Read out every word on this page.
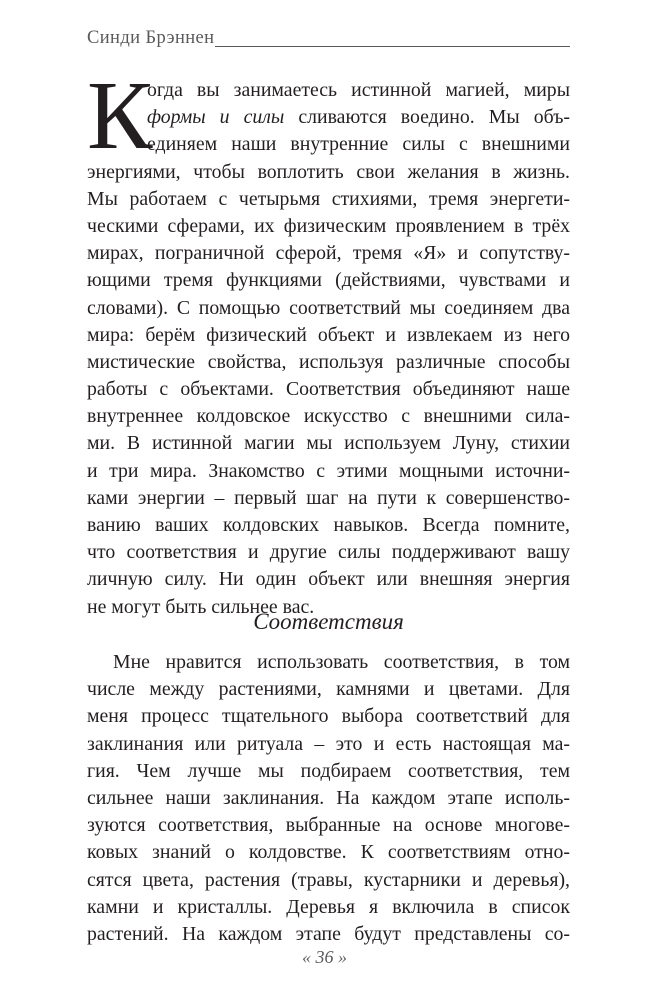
Синди Брэннен
К
огда вы занимаетесь истинной магией, миры
формы и силы сливаются воедино. Мы объ-
единяем наши внутренние силы с внешними
энергиями, чтобы воплотить свои желания в жизнь.
Мы работаем с четырьмя стихиями, тремя энергети-
ческими сферами, их физическим проявлением в трёх
мирах, пограничной сферой, тремя «Я» и сопутству-
ющими тремя функциями (действиями, чувствами и
словами). С помощью соответствий мы соединяем два
мира: берём физический объект и извлекаем из него
мистические свойства, используя различные способы
работы с объектами. Соответствия объединяют наше
внутреннее колдовское искусство с внешними сила-
ми. В истинной магии мы используем Луну, стихии
и три мира. Знакомство с этими мощными источни-
ками энергии – первый шаг на пути к совершенство-
ванию ваших колдовских навыков. Всегда помните,
что соответствия и другие силы поддерживают вашу
личную силу. Ни один объект или внешняя энергия
не могут быть сильнее вас.
Соответствия
Мне нравится использовать соответствия, в том
числе между растениями, камнями и цветами. Для
меня процесс тщательного выбора соответствий для
заклинания или ритуала – это и есть настоящая ма-
гия. Чем лучше мы подбираем соответствия, тем
сильнее наши заклинания. На каждом этапе исполь-
зуются соответствия, выбранные на основе многове-
ковых знаний о колдовстве. К соответствиям отно-
сятся цвета, растения (травы, кустарники и деревья),
камни и кристаллы. Деревья я включила в список
растений. На каждом этапе будут представлены со-
« 36 »
